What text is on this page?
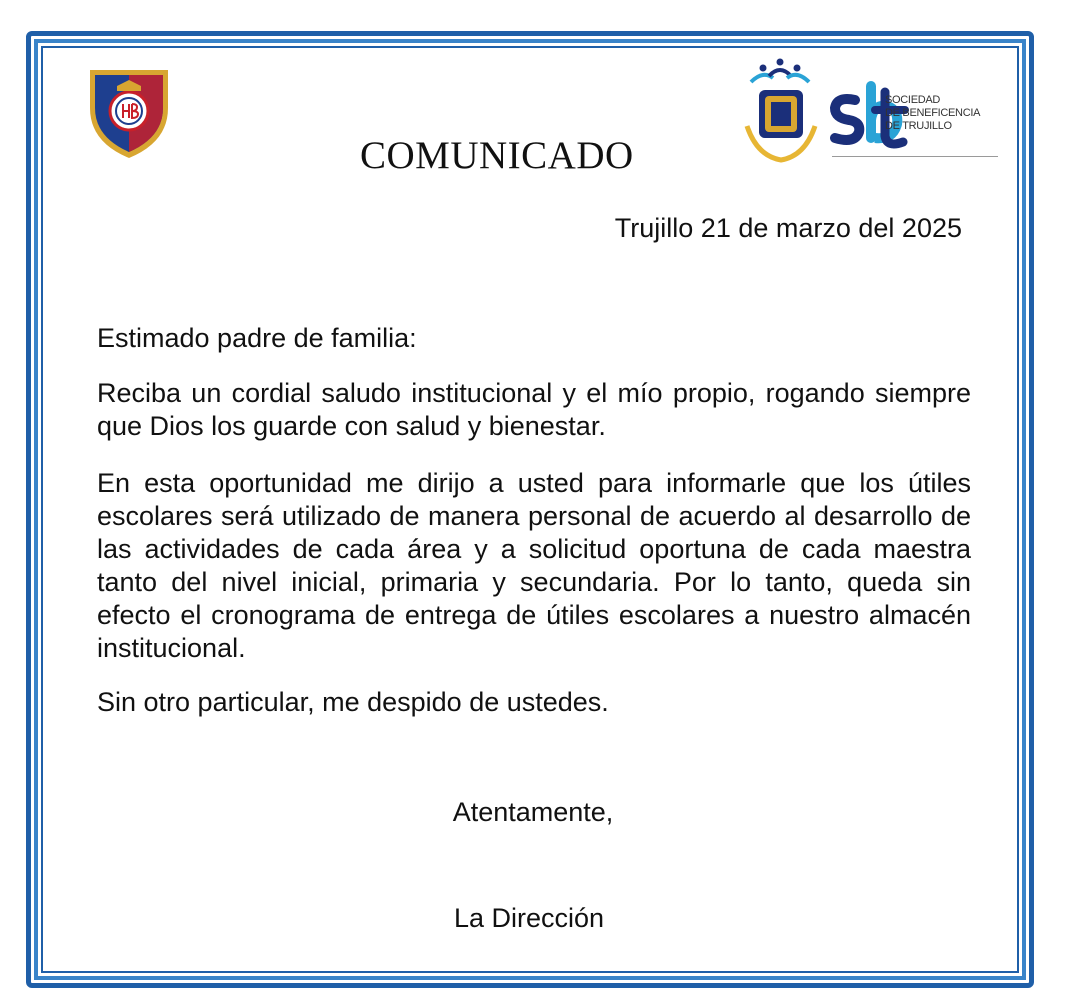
SOCIEDAD
DE BENEFICENCIA
DE TRUJILLO
COMUNICADO
Trujillo 21 de marzo del 2025
Estimado padre de familia:
Reciba un cordial saludo institucional y el mío propio, rogando siempre que Dios los guarde con salud y bienestar.
En esta oportunidad me dirijo a usted para informarle que los útiles escolares será utilizado de manera personal de acuerdo al desarrollo de las actividades de cada área y a solicitud oportuna de cada maestra tanto del nivel inicial, primaria y secundaria. Por lo tanto, queda sin efecto el cronograma de entrega de útiles escolares a nuestro almacén institucional.
Sin otro particular, me despido de ustedes.
Atentamente,
La Dirección
